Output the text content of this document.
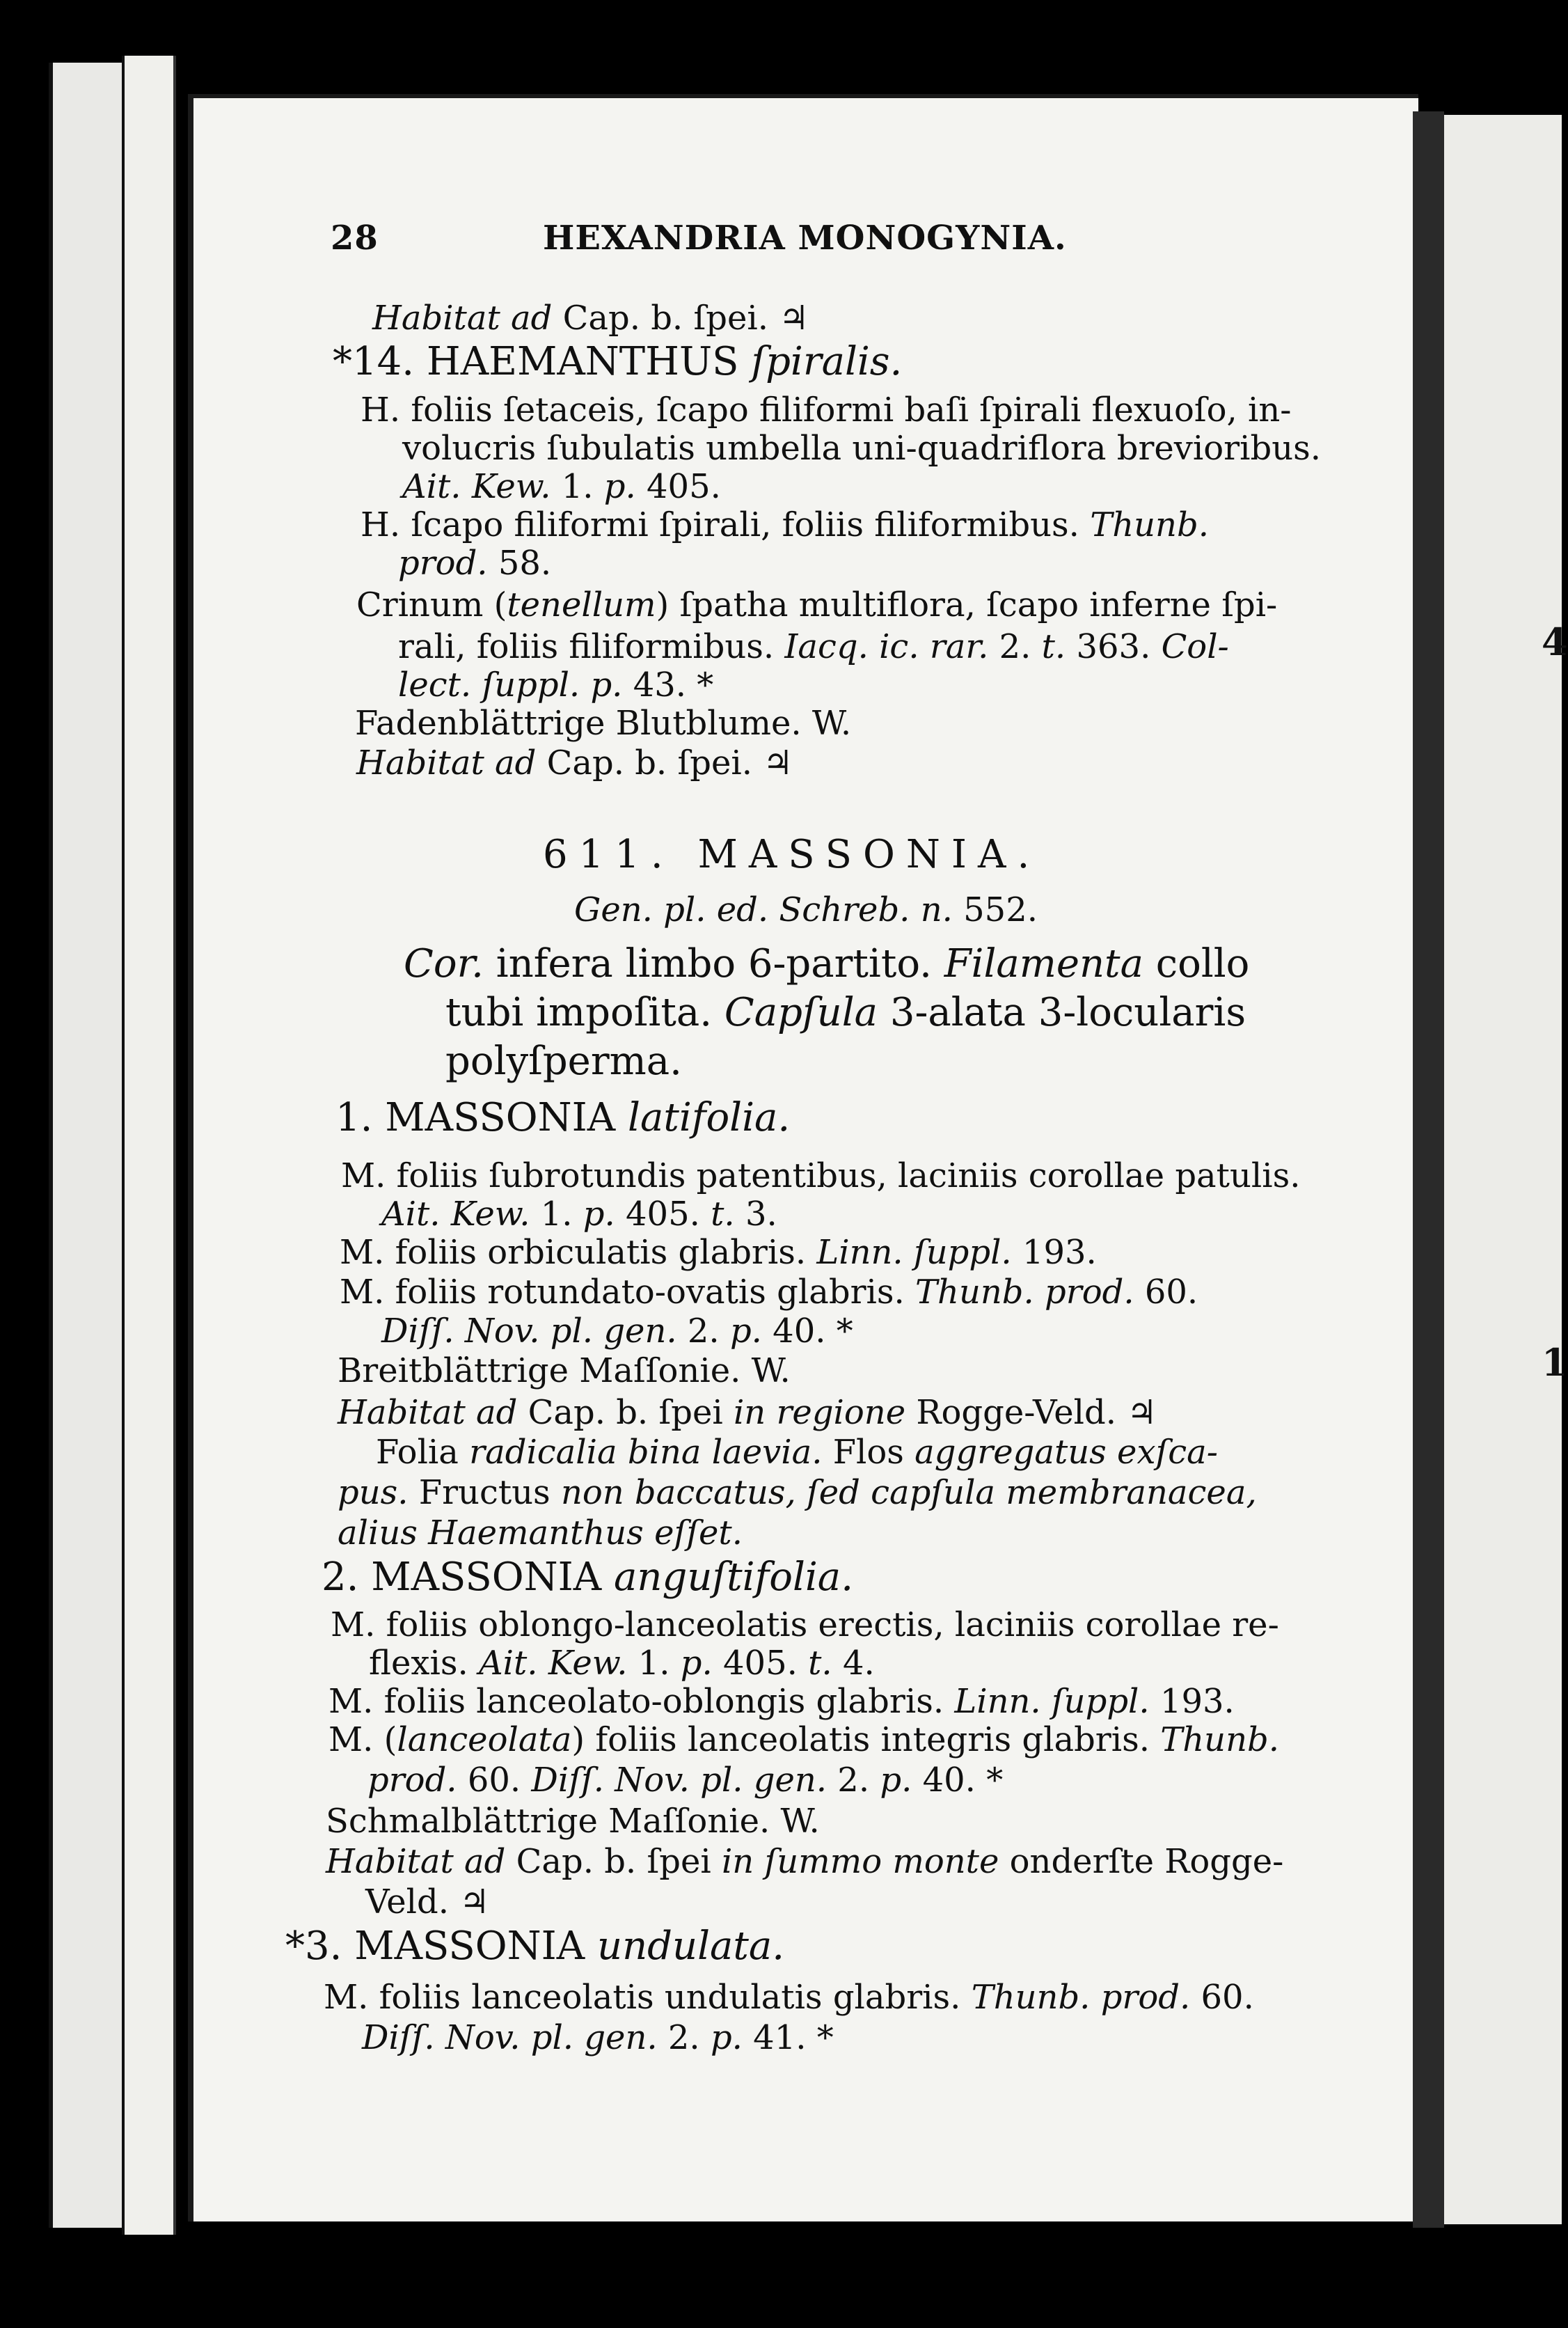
4
1
28	HEXANDRIA MONOGYNIA.
Habitat ad Cap. b. ſpei. ♃
*14. HAEMANTHUS ſpiralis.
H. foliis ſetaceis, ſcapo filiformi baſi ſpirali flexuoſo, in-
volucris ſubulatis umbella uni-quadriflora brevioribus.
Ait. Kew. 1. p. 405.
H. ſcapo filiformi ſpirali, foliis filiformibus. Thunb.
prod. 58.
Crinum (tenellum) ſpatha multiflora, ſcapo inferne ſpi-
rali, foliis filiformibus. Iacq. ic. rar. 2. t. 363. Col-
lect. ſuppl. p. 43. *
Fadenblättrige Blutblume. W.
Habitat ad Cap. b. ſpei. ♃
611. MASSONIA.
Gen. pl. ed. Schreb. n. 552.
Cor. infera limbo 6-partito. Filamenta collo
tubi impoſita. Capſula 3-alata 3-locularis
polyſperma.
1. MASSONIA latifolia.
M. foliis ſubrotundis patentibus, laciniis corollae patulis.
Ait. Kew. 1. p. 405. t. 3.
M. foliis orbiculatis glabris. Linn. ſuppl. 193.
M. foliis rotundato-ovatis glabris. Thunb. prod. 60.
Diſſ. Nov. pl. gen. 2. p. 40. *
Breitblättrige Maſſonie. W.
Habitat ad Cap. b. ſpei in regione Rogge-Veld. ♃
Folia radicalia bina laevia. Flos aggregatus exſca-
pus. Fructus non baccatus, ſed capſula membranacea,
alius Haemanthus eſſet.
2. MASSONIA anguſtifolia.
M. foliis oblongo-lanceolatis erectis, laciniis corollae re-
flexis. Ait. Kew. 1. p. 405. t. 4.
M. foliis lanceolato-oblongis glabris. Linn. ſuppl. 193.
M. (lanceolata) foliis lanceolatis integris glabris. Thunb.
prod. 60. Diſſ. Nov. pl. gen. 2. p. 40. *
Schmalblättrige Maſſonie. W.
Habitat ad Cap. b. ſpei in ſummo monte onderſte Rogge-
Veld. ♃
*3. MASSONIA undulata.
M. foliis lanceolatis undulatis glabris. Thunb. prod. 60.
Diſſ. Nov. pl. gen. 2. p. 41. *
